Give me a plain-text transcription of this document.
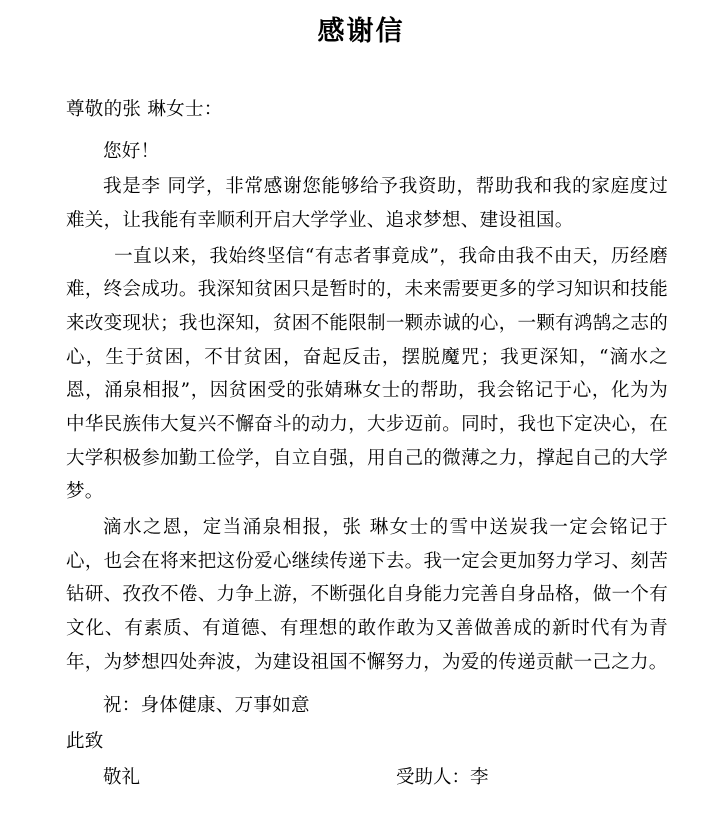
感谢信

尊敬的张 琳女士：

您好！

我是李 同学，非常感谢您能够给予我资助，帮助我和我的家庭度过难关，让我能有幸顺利开启大学学业、追求梦想、建设祖国。

一直以来，我始终坚信“有志者事竟成”，我命由我不由天，历经磨难，终会成功。我深知贫困只是暂时的，未来需要更多的学习知识和技能来改变现状；我也深知，贫困不能限制一颗赤诚的心，一颗有鸿鹄之志的心，生于贫困，不甘贫困，奋起反击，摆脱魔咒；我更深知，“滴水之恩，涌泉相报”，因贫困受的张婧琳女士的帮助，我会铭记于心，化为为中华民族伟大复兴不懈奋斗的动力，大步迈前。同时，我也下定决心，在大学积极参加勤工俭学，自立自强，用自己的微薄之力，撑起自己的大学梦。

滴水之恩，定当涌泉相报，张 琳女士的雪中送炭我一定会铭记于心，也会在将来把这份爱心继续传递下去。我一定会更加努力学习、刻苦钻研、孜孜不倦、力争上游，不断强化自身能力完善自身品格，做一个有文化、有素质、有道德、有理想的敢作敢为又善做善成的新时代有为青年，为梦想四处奔波，为建设祖国不懈努力，为爱的传递贡献一己之力。

祝：身体健康、万事如意

此致

敬礼	受助人：李
